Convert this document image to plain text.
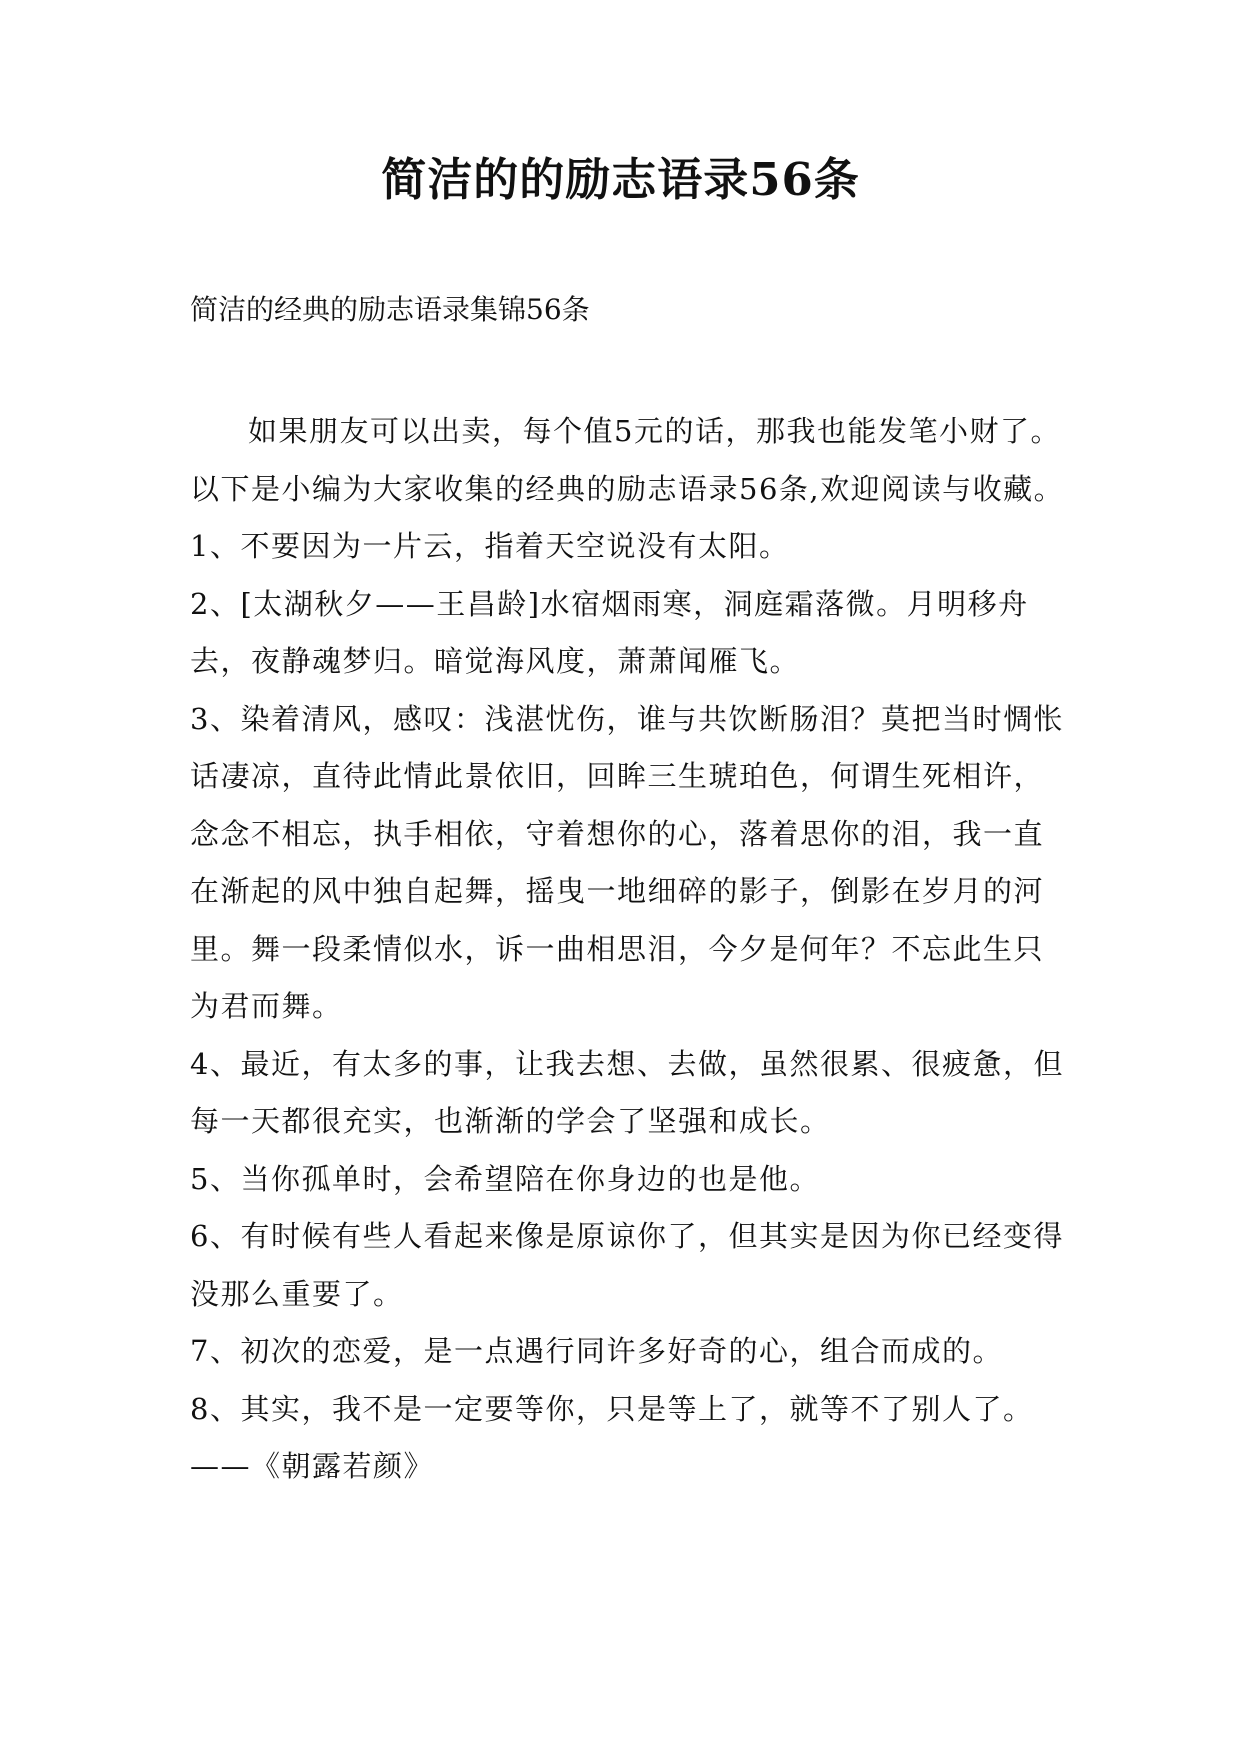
简洁的的励志语录56条

简洁的经典的励志语录集锦56条

如果朋友可以出卖，每个值5元的话，那我也能发笔小财了。以下是小编为大家收集的经典的励志语录56条,欢迎阅读与收藏。

1、不要因为一片云，指着天空说没有太阳。

2、[太湖秋夕——王昌龄]水宿烟雨寒，洞庭霜落微。月明移舟去，夜静魂梦归。暗觉海风度，萧萧闻雁飞。

3、染着清风，感叹：浅湛忧伤，谁与共饮断肠泪？莫把当时惆怅话凄凉，直待此情此景依旧，回眸三生琥珀色，何谓生死相许，念念不相忘，执手相依，守着想你的心，落着思你的泪，我一直在渐起的风中独自起舞，摇曳一地细碎的影子，倒影在岁月的河里。舞一段柔情似水，诉一曲相思泪，今夕是何年？不忘此生只为君而舞。

4、最近，有太多的事，让我去想、去做，虽然很累、很疲惫，但每一天都很充实，也渐渐的学会了坚强和成长。

5、当你孤单时，会希望陪在你身边的也是他。

6、有时候有些人看起来像是原谅你了，但其实是因为你已经变得没那么重要了。

7、初次的恋爱，是一点遇行同许多好奇的心，组合而成的。

8、其实，我不是一定要等你，只是等上了，就等不了别人了。 ——《朝露若颜》
